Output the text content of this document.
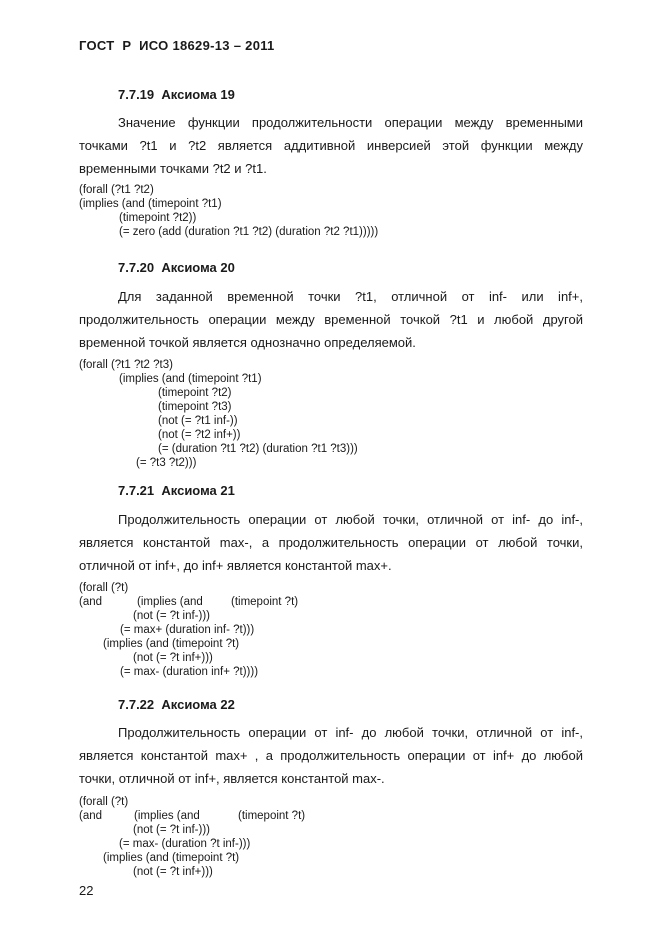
ГОСТ  Р  ИСО 18629-13 – 2011
7.7.19  Аксиома 19
Значение функции продолжительности операции между временными
точками ?t1 и ?t2 является аддитивной инверсией этой функции между
временными точками ?t2 и ?t1.
(forall (?t1 ?t2)
(implies (and (timepoint ?t1)
(timepoint ?t2))
(= zero (add (duration ?t1 ?t2) (duration ?t2 ?t1)))))
7.7.20  Аксиома 20
Для заданной временной точки ?t1, отличной от inf- или inf+,
продолжительность операции между временной точкой ?t1 и любой другой
временной точкой является однозначно определяемой.
(forall (?t1 ?t2 ?t3)
(implies (and (timepoint ?t1)
(timepoint ?t2)
(timepoint ?t3)
(not (= ?t1 inf-))
(not (= ?t2 inf+))
(= (duration ?t1 ?t2) (duration ?t1 ?t3)))
(= ?t3 ?t2)))
7.7.21  Аксиома 21
Продолжительность операции от любой точки, отличной от inf- до inf-,
является константой max-, а продолжительность операции от любой точки,
отличной от inf+, до inf+ является константой max+.
(forall (?t)
(and	(implies (and (timepoint ?t)
(not (= ?t inf-)))
(= max+ (duration inf- ?t)))
(implies (and (timepoint ?t)
(not (= ?t inf+)))
(= max- (duration inf+ ?t))))
7.7.22  Аксиома 22
Продолжительность операции от inf- до любой точки, отличной от inf-,
является константой max+ , а продолжительность операции от inf+ до любой
точки, отличной от inf+, является константой max-.
(forall (?t)
(and	(implies (and	(timepoint ?t)
(not (= ?t inf-)))
(= max- (duration ?t inf-)))
(implies (and (timepoint ?t)
(not (= ?t inf+)))
22
